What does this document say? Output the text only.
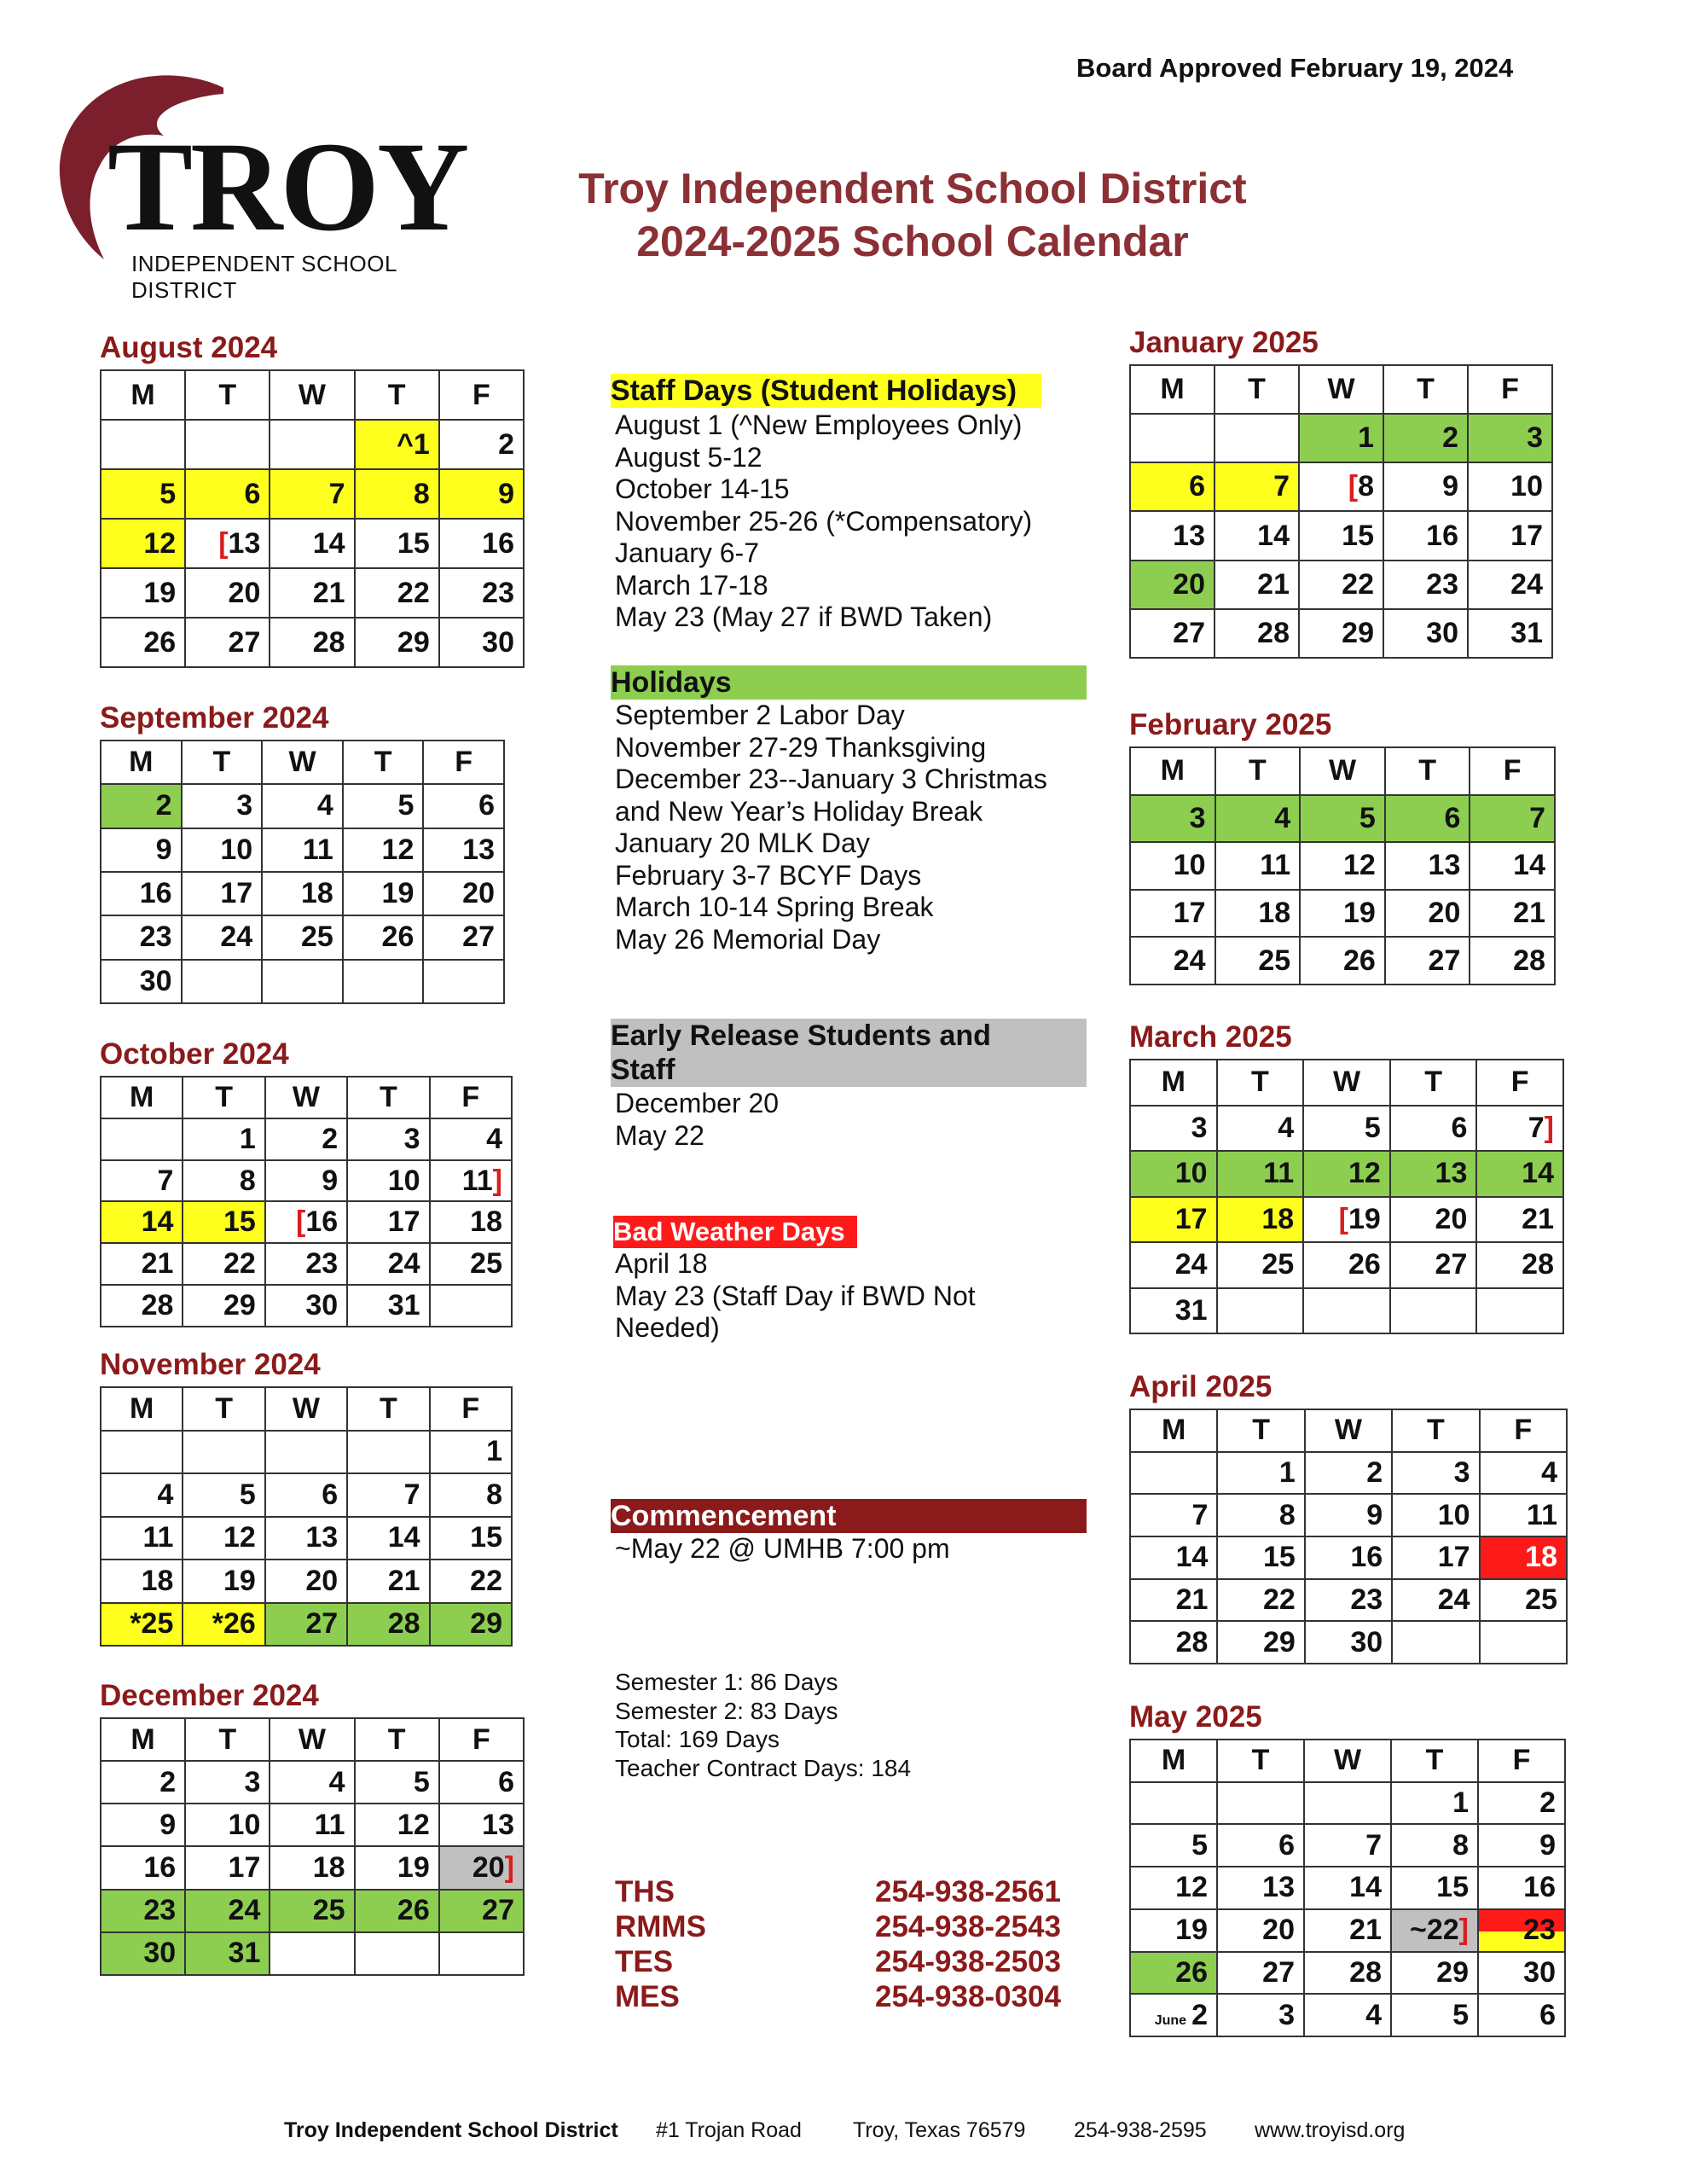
Board Approved February 19, 2024
TROY
INDEPENDENT SCHOOL DISTRICT
Troy Independent School District
2024-2025 School Calendar
August 2024
M	T	W	T	F
			^1	2
5	6	7	8	9
12	[13	14	15	16
19	20	21	22	23
26	27	28	29	30
September 2024
M	T	W	T	F
2	3	4	5	6
9	10	11	12	13
16	17	18	19	20
23	24	25	26	27
30				
October 2024
M	T	W	T	F
	1	2	3	4
7	8	9	10	11]
14	15	[16	17	18
21	22	23	24	25
28	29	30	31	
November 2024
M	T	W	T	F
				1
4	5	6	7	8
11	12	13	14	15
18	19	20	21	22
*25	*26	27	28	29
December 2024
M	T	W	T	F
2	3	4	5	6
9	10	11	12	13
16	17	18	19	20]
23	24	25	26	27
30	31			
January 2025
M	T	W	T	F
		1	2	3
6	7	[8	9	10
13	14	15	16	17
20	21	22	23	24
27	28	29	30	31
February 2025
M	T	W	T	F
3	4	5	6	7
10	11	12	13	14
17	18	19	20	21
24	25	26	27	28
March 2025
M	T	W	T	F
3	4	5	6	7]
10	11	12	13	14
17	18	[19	20	21
24	25	26	27	28
31				
April 2025
M	T	W	T	F
	1	2	3	4
7	8	9	10	11
14	15	16	17	18
21	22	23	24	25
28	29	30		
May 2025
M	T	W	T	F
			1	2
5	6	7	8	9
12	13	14	15	16
19	20	21	~22]	23
26	27	28	29	30
June 2	3	4	5	6
Staff Days (Student Holidays)
August 1 (^New Employees Only)
August 5-12
October 14-15
November 25-26 (*Compensatory)
January 6-7
March 17-18
May 23 (May 27 if BWD Taken)
Holidays
September 2 Labor Day
November 27-29 Thanksgiving
December 23--January 3 Christmas
and New Year’s Holiday Break
January 20 MLK Day
February 3-7 BCYF Days
March 10-14 Spring Break
May 26 Memorial Day
Early Release Students and
Staff
December 20
May 22
Bad Weather Days
April 18
May 23 (Staff Day if BWD Not
Needed)
Commencement
~May 22 @ UMHB 7:00 pm
Semester 1: 86 Days
Semester 2: 83 Days
Total: 169 Days
Teacher Contract Days: 184
THS	254-938-2561
RMMS	254-938-2543
TES	254-938-2503
MES	254-938-0304
Troy Independent School District #1 Trojan Road Troy, Texas 76579 254-938-2595 www.troyisd.org
